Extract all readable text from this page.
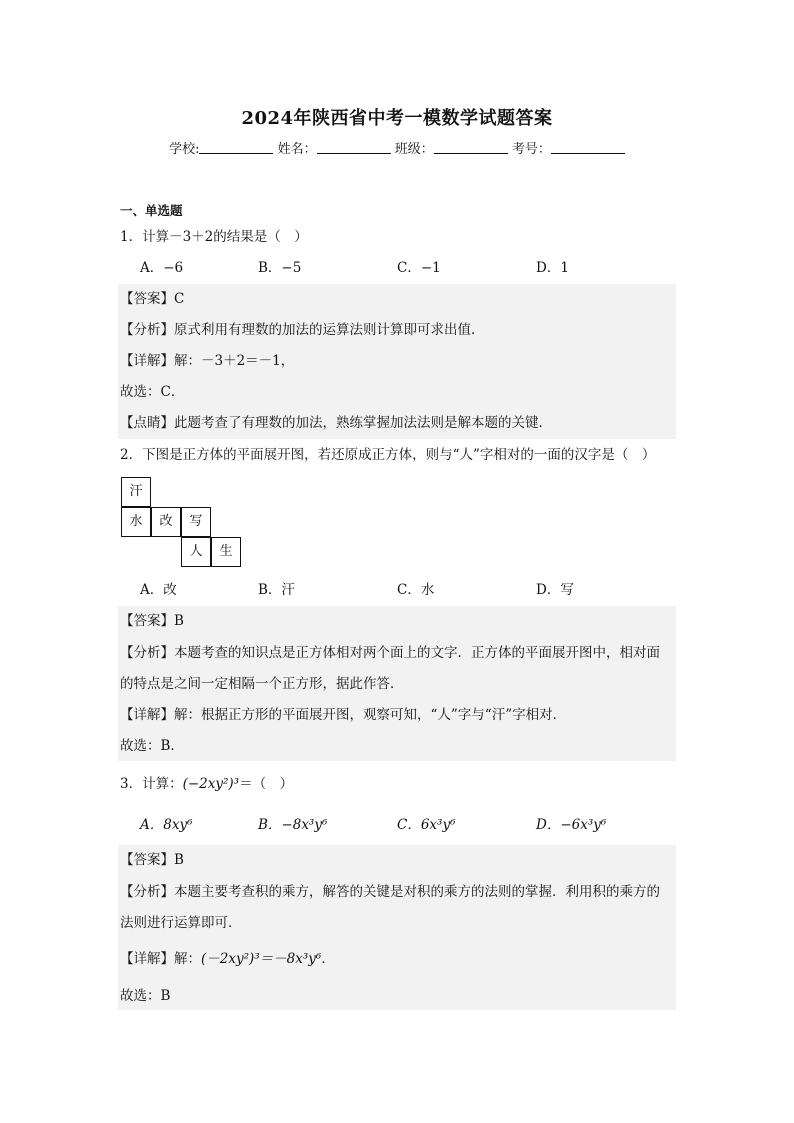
2024年陕西省中考一模数学试题答案
学校:	姓名：	班级：	考号：
一、单选题
1．计算－3＋2的结果是（　）
A．−6	B．−5	C．−1	D．1
【答案】C
【分析】原式利用有理数的加法的运算法则计算即可求出值．
【详解】解：－3＋2＝－1，
故选：C．
【点睛】此题考查了有理数的加法，熟练掌握加法法则是解本题的关键．
2．下图是正方体的平面展开图，若还原成正方体，则与“人”字相对的一面的汉字是（　）
汗
水	改	写
人	生
A．改	B．汗	C．水	D．写
【答案】B
【分析】本题考查的知识点是正方体相对两个面上的文字．正方体的平面展开图中，相对面
的特点是之间一定相隔一个正方形，据此作答．
【详解】解：根据正方形的平面展开图，观察可知，“人”字与“汗”字相对．
故选：B．
3．计算：(−2xy²)³＝（　）
A．8xy⁶	B．−8x³y⁶	C．6x³y⁶	D．−6x³y⁶
【答案】B
【分析】本题主要考查积的乘方，解答的关键是对积的乘方的法则的掌握．利用积的乘方的
法则进行运算即可．
【详解】解：(－2xy²)³＝－8x³y⁶．
故选：B
